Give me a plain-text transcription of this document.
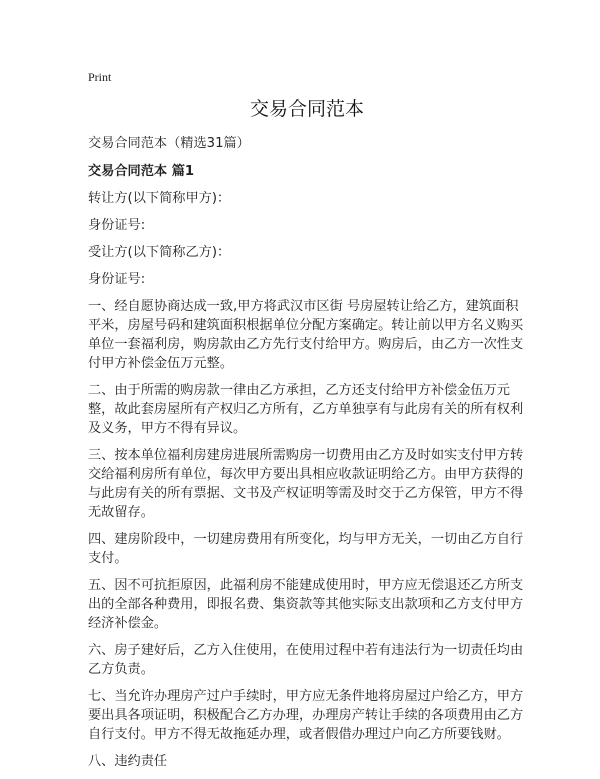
Print
交易合同范本

交易合同范本（精选31篇）

交易合同范本 篇1

转让方(以下简称甲方)：

身份证号:

受让方(以下简称乙方)：

身份证号:

一、经自愿协商达成一致,甲方将武汉市区街 号房屋转让给乙方，建筑面积 平米，房屋号码和建筑面积根据单位分配方案确定。转让前以甲方名义购买单位一套福利房，购房款由乙方先行支付给甲方。购房后，由乙方一次性支付甲方补偿金伍万元整。

二、由于所需的购房款一律由乙方承担，乙方还支付给甲方补偿金伍万元整，故此套房屋所有产权归乙方所有，乙方单独享有与此房有关的所有权利及义务，甲方不得有异议。

三、按本单位福利房建房进展所需购房一切费用由乙方及时如实支付甲方转交给福利房所有单位，每次甲方要出具相应收款证明给乙方。由甲方获得的与此房有关的所有票据、文书及产权证明等需及时交于乙方保管，甲方不得无故留存。

四、建房阶段中，一切建房费用有所变化，均与甲方无关，一切由乙方自行支付。

五、因不可抗拒原因，此福利房不能建成使用时，甲方应无偿退还乙方所支出的全部各种费用，即报名费、集资款等其他实际支出款项和乙方支付甲方经济补偿金。

六、房子建好后，乙方入住使用，在使用过程中若有违法行为一切责任均由乙方负责。

七、当允许办理房产过户手续时，甲方应无条件地将房屋过户给乙方，甲方要出具各项证明，积极配合乙方办理，办理房产转让手续的各项费用由乙方自行支付。甲方不得无故拖延办理，或者假借办理过户向乙方所要钱财。

八、违约责任
